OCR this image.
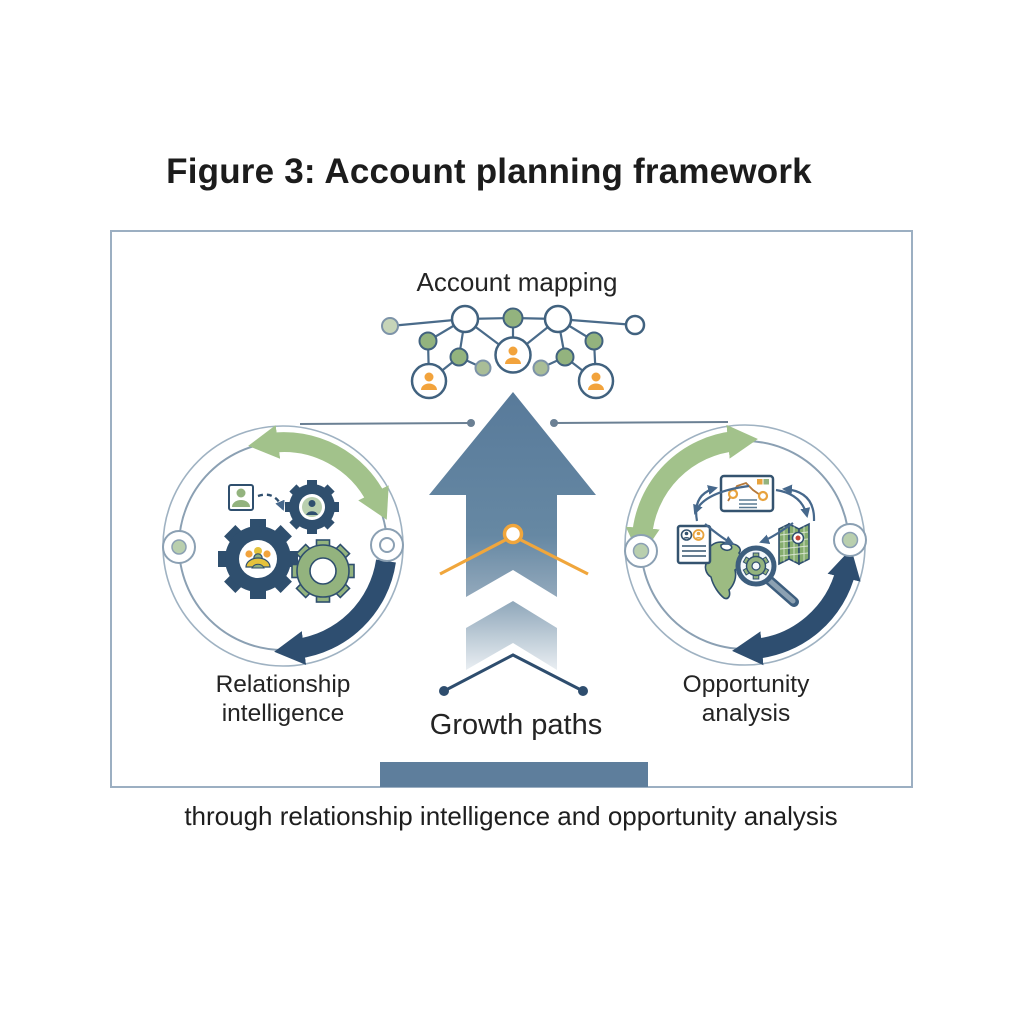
Figure 3: Account planning framework
Account mapping
Relationship intelligence	Growth paths
Opportunity analysis
through relationship intelligence and opportunity analysis
